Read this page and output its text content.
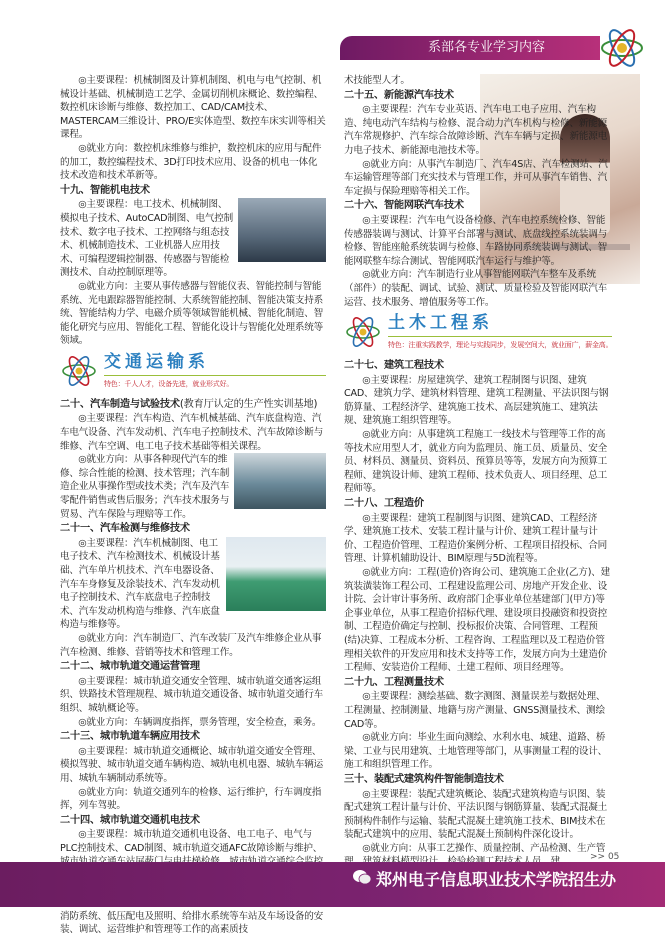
系部各专业学习内容

◎主要课程：机械制图及计算机制图、机电与电气控制、机械设计基础、机械制造工艺学、金属切削机床概论、数控编程、数控机床诊断与维修、数控加工、CAD/CAM技术、MASTERCAM三维设计、PRO/E实体造型、数控车床实训等相关课程。

◎就业方向：数控机床维修与维护，数控机床的应用与配件的加工，数控编程技术、3D打印技术应用、设备的机电一体化技术改造和技术革新等。

十九、智能机电技术

◎主要课程：电工技术、机械制图、模拟电子技术、AutoCAD制图、电气控制技术、数字电子技术、工控网络与组态技术、机械制造技术、工业机器人应用技术、可编程逻辑控制器、传感器与智能检测技术、自动控制原理等。

◎就业方向：主要从事传感器与智能仪表、智能控制与智能系统、光电跟踪器智能控制、大系统智能控制、智能决策支持系统、智能结构力学、电磁介质等领域智能机械、智能化制造、智能化研究与应用、智能化工程、智能化设计与智能化处理系统等领域。

交通运输系
特色：千人人才，设备先进，就业形式好。
二十、汽车制造与试验技术(教育厅认定的生产性实训基地)

◎主要课程：汽车构造、汽车机械基础、汽车底盘构造、汽车电气设备、汽车发动机、汽车电子控制技术、汽车故障诊断与维修、汽车空调、电工电子技术基础等相关课程。

◎就业方向：从事各种现代汽车的维修、综合性能的检测、技术管理；汽车制造企业从事操作型或技术类；汽车及汽车零配件销售或售后服务；汽车技术服务与贸易、汽车保险与理赔等工作。

二十一、汽车检测与维修技术

◎主要课程：汽车机械制图、电工电子技术、汽车检测技术、机械设计基础、汽车单片机技术、汽车电器设备、汽车车身修复及涂装技术、汽车发动机电子控制技术、汽车底盘电子控制技术、汽车发动机构造与维修、汽车底盘构造与维修等。

◎就业方向：汽车制造厂、汽车改装厂及汽车维修企业从事汽车检测、维修、营销等技术和管理工作。

二十二、城市轨道交通运营管理

◎主要课程：城市轨道交通安全管理、城市轨道交通客运组织、铁路技术管理规程、城市轨道交通设备、城市轨道交通行车组织、城轨概论等。

◎就业方向：车辆调度指挥，票务管理，安全检查，乘务。

二十三、城市轨道车辆应用技术

◎主要课程：城市轨道交通概论、城市轨道交通安全管理、模拟驾驶、城市轨道交通车辆构造、城轨电机电器、城轨车辆运用、城轨车辆制动系统等。

◎就业方向：轨道交通列车的检修、运行维护，行车调度指挥，列车驾驶。

二十四、城市轨道交通机电技术

◎主要课程：城市轨道交通机电设备、电工电子、电气与PLC控制技术、CAD制图、城市轨道交通AFC故障诊断与维护、

消防系统、低压配电及照明、给排水系统等车站及车场设备的安装、调试、运营维护和管理等工作的高素质技

术技能型人才。

二十五、新能源汽车技术

◎主要课程：汽车专业英语、汽车电工电子应用、汽车构造、纯电动汽车结构与检修、混合动力汽车机构与检修、新能源汽车常规修护、汽车综合故障诊断、汽车车辆与定损、新能源电力电子技术、新能源电池技术等。

◎就业方向：从事汽车制造厂、汽车4S店、汽车检测站、汽车运输管理等部门充实技术与管理工作，并可从事汽车销售、汽车定损与保险理赔等相关工作。

二十六、智能网联汽车技术

◎主要课程：汽车电气设备检修、汽车电控系统检修、智能传感器装调与测试、计算平台部署与测试、底盘线控系统装调与检修、智能座舱系统装调与检修、车路协同系统装调与测试、智能网联整车综合测试、智能网联汽车运行与维护等。

◎就业方向：汽车制造行业从事智能网联汽车整车及系统（部件）的装配、调试、试验、测试、质量检验及智能网联汽车运营、技术服务、增值服务等工作。

土木工程系
特色：注重实践教学，理论与实践同步，发展空间大，就业面广，薪金高。
二十七、建筑工程技术

◎主要课程：房屋建筑学、建筑工程制图与识图、建筑CAD、建筑力学、建筑材料管理、建筑工程测量、平法识图与钢筋算量、工程经济学、建筑施工技术、高层建筑施工、建筑法规、建筑施工组织管理等。

◎就业方向：从事建筑工程施工一线技术与管理等工作的高等技术应用型人才，就业方向为监理员、施工员、质量员、安全员、材料员、测量员、资料员、预算员等等，发展方向为预算工程师、建筑设计师、建筑工程师、技术负责人、项目经理、总工程师等。

二十八、工程造价

◎主要课程：建筑工程制图与识图、建筑CAD、工程经济学、建筑施工技术、安装工程计量与计价、建筑工程计量与计价、工程造价管理、工程造价案例分析、工程项目招投标、合同管理、计算机辅助设计、BIM原理与5D流程等。

◎就业方向：工程(造价)咨询公司、建筑施工企业(乙方)、建筑装潢装饰工程公司、工程建设监理公司、房地产开发企业、设计院、会计审计事务所、政府部门企事业单位基建部门(甲方)等企事业单位，从事工程造价招标代理、建设项目投融资和投资控制、工程造价确定与控制、投标报价决策、合同管理、工程预(结)决算、工程成本分析、工程咨询、工程监理以及工程造价管理相关软件的开发应用和技术支持等工作，发展方向为土建造价工程师、安装造价工程师、土建工程师、项目经理等。

二十九、工程测量技术

◎主要课程：测绘基础、数字测图、测量误差与数据处理、工程测量、控制测量、地籍与房产测量、GNSS测量技术、测绘CAD等。

◎就业方向：毕业生面向测绘、水利水电、城建、道路、桥梁、工业与民用建筑、土地管理等部门，从事测量工程的设计、施工和组织管理工作。

三十、装配式建筑构件智能制造技术

◎主要课程：装配式建筑概论、装配式建筑构造与识图、装配式建筑工程计量与计价、平法识图与钢筋算量、装配式混凝土预制构件制作与运输、装配式混凝土建筑施工技术、BIM技术在装配式建筑中的应用、装配式混凝土预制构件深化设计。

◎就业方向：从事工艺操作、质量控制、产品检测、生产管

>> 05
郑州电子信息职业技术学院招生办
